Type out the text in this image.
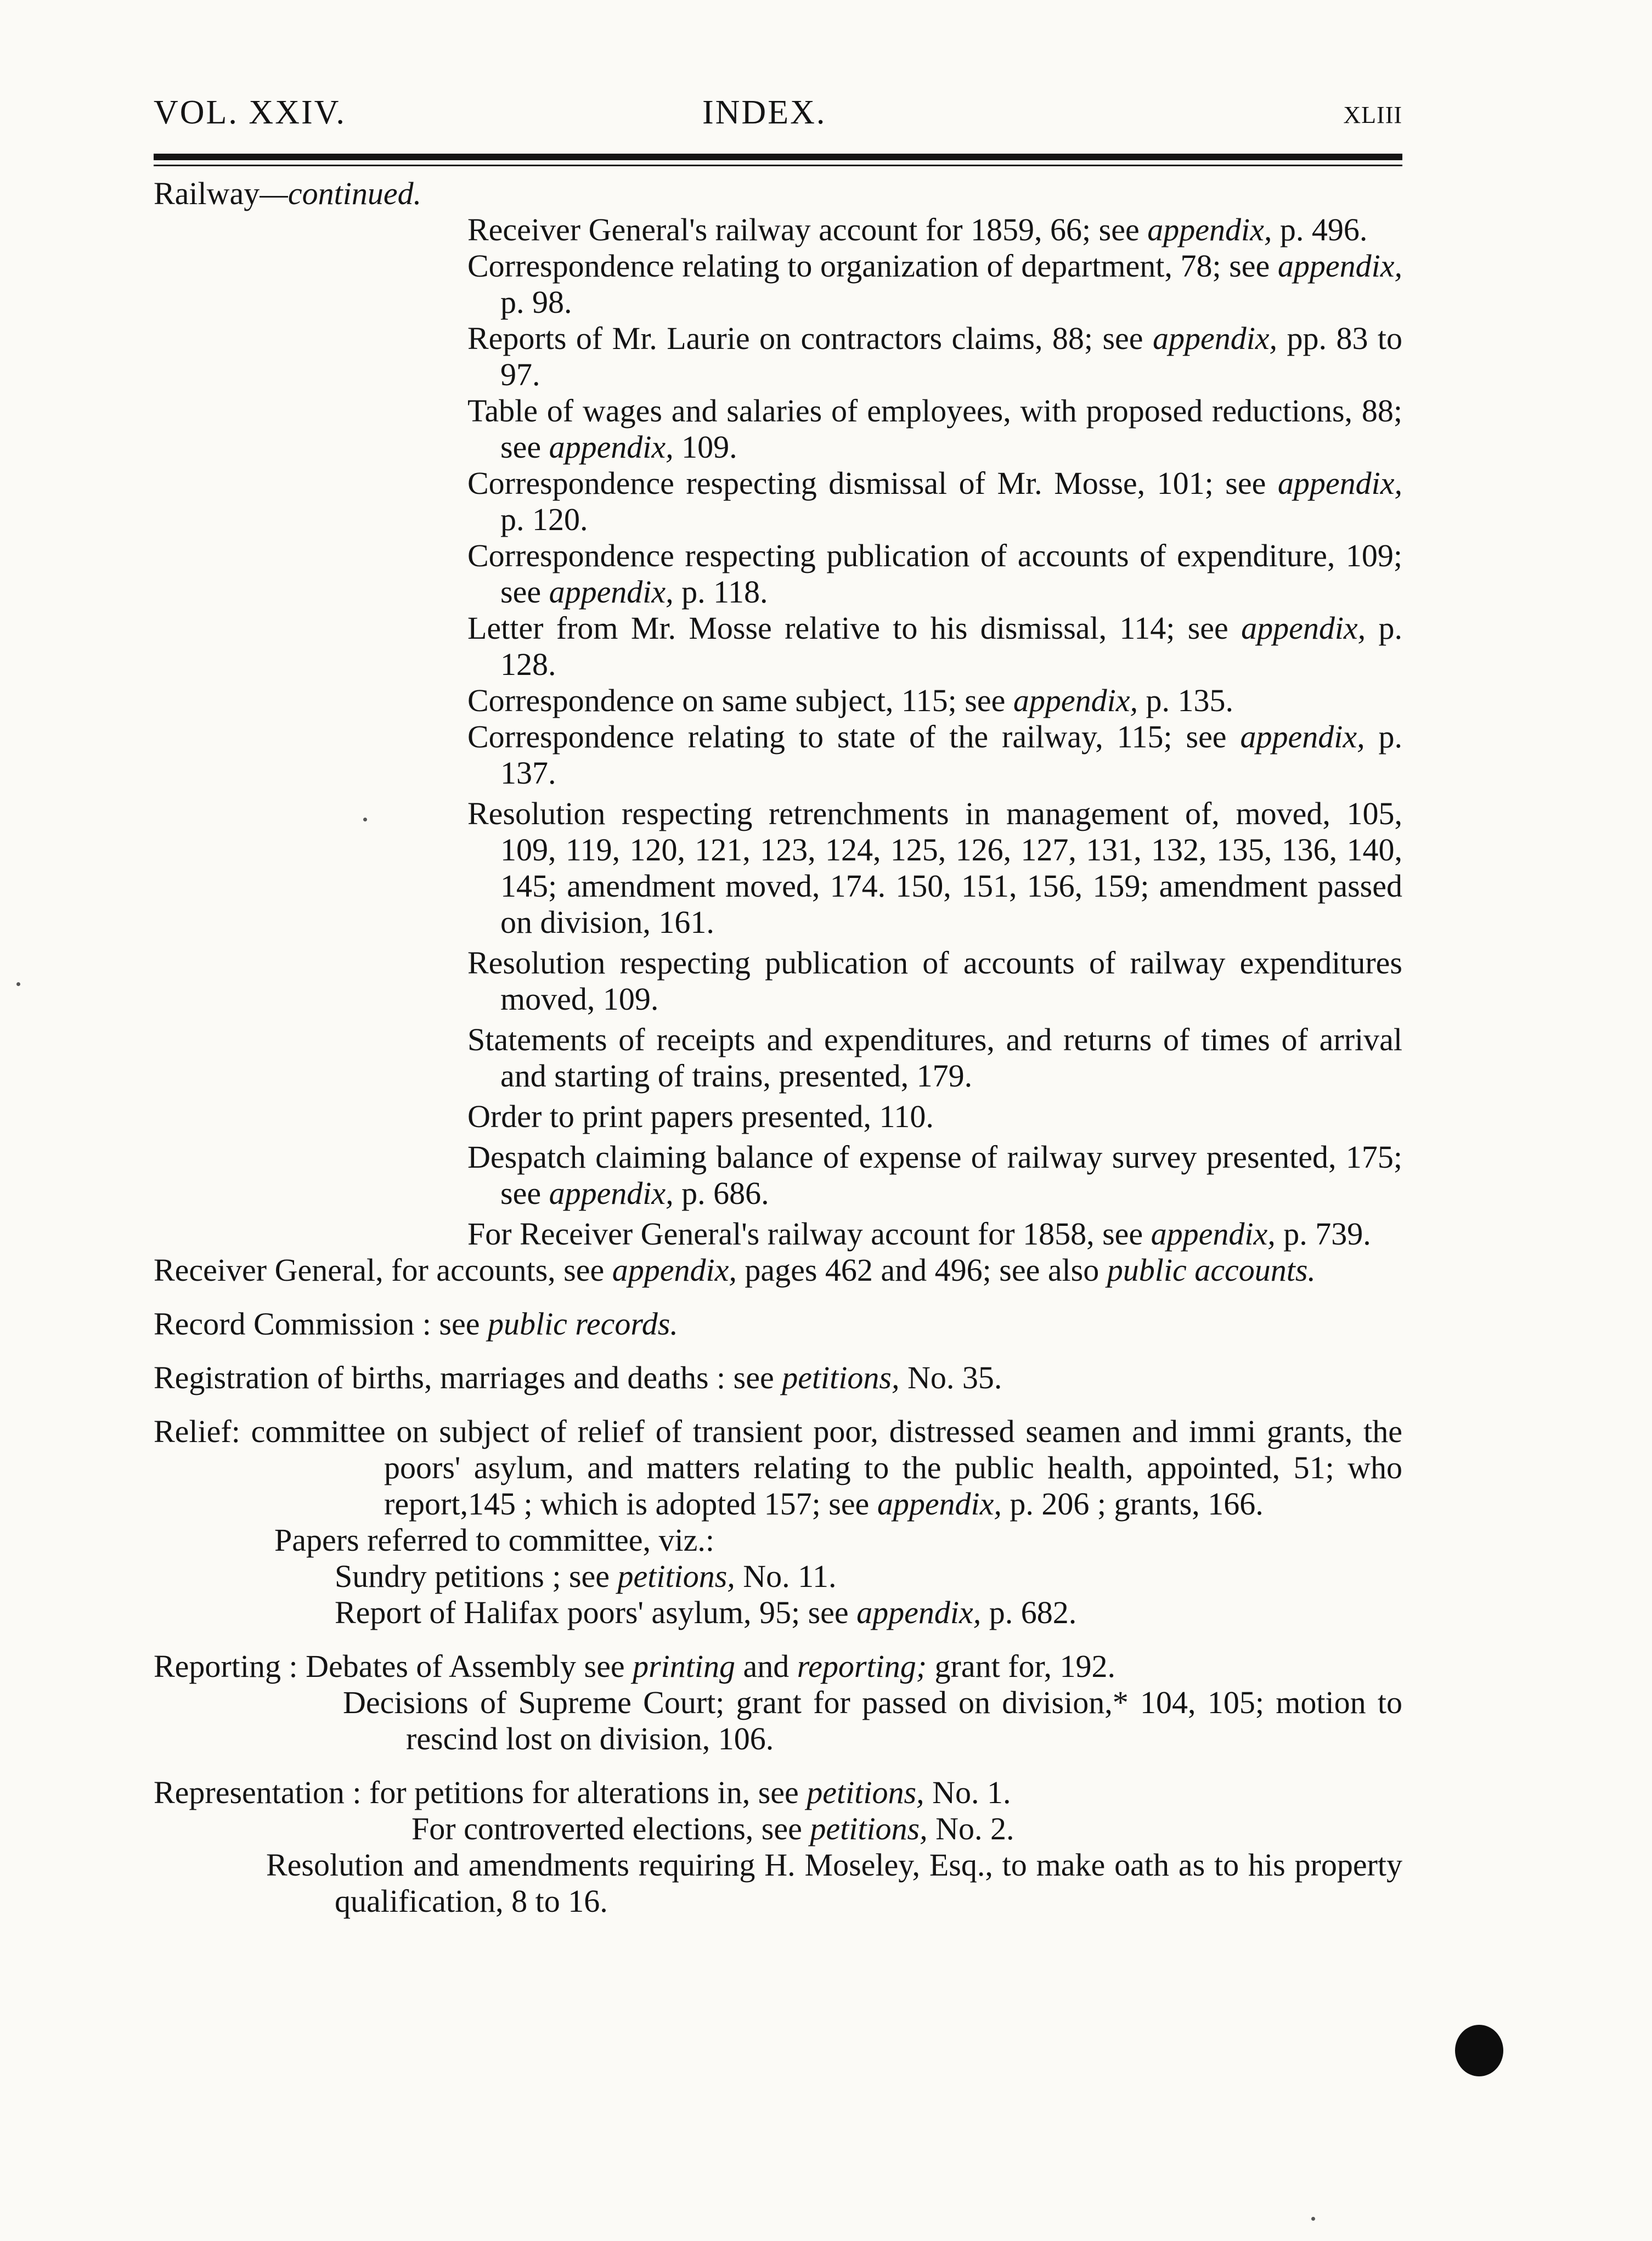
VOL. XXIV.	INDEX.	XLIII
Railway—continued.
Receiver General's railway account for 1859, 66; see appendix, p. 496.
Correspondence relating to organization of department, 78; see appendix, p. 98.
Reports of Mr. Laurie on contractors claims, 88; see appendix, pp. 83 to 97.
Table of wages and salaries of employees, with proposed reductions, 88; see appendix, 109.
Correspondence respecting dismissal of Mr. Mosse, 101; see appendix, p. 120.
Correspondence respecting publication of accounts of expenditure, 109; see appendix, p. 118.
Letter from Mr. Mosse relative to his dismissal, 114; see appendix, p. 128.
Correspondence on same subject, 115; see appendix, p. 135.
Correspondence relating to state of the railway, 115; see appendix, p. 137.
Resolution respecting retrenchments in management of, moved, 105, 109, 119, 120, 121, 123, 124, 125, 126, 127, 131, 132, 135, 136, 140, 145; amendment moved, 174. 150, 151, 156, 159; amendment passed on division, 161.
Resolution respecting publication of accounts of railway expenditures moved, 109.
Statements of receipts and expenditures, and returns of times of arrival and starting of trains, presented, 179.
Order to print papers presented, 110.
Despatch claiming balance of expense of railway survey presented, 175; see appendix, p. 686.
For Receiver General's railway account for 1858, see appendix, p. 739.
Receiver General, for accounts, see appendix, pages 462 and 496; see also public accounts.
Record Commission : see public records.
Registration of births, marriages and deaths : see petitions, No. 35.
Relief: committee on subject of relief of transient poor, distressed seamen and immi grants, the poors' asylum, and matters relating to the public health, appointed, 51; who report,145 ; which is adopted 157; see appendix, p. 206 ; grants, 166.
Papers referred to committee, viz.:
Sundry petitions ; see petitions, No. 11.
Report of Halifax poors' asylum, 95; see appendix, p. 682.
Reporting : Debates of Assembly see printing and reporting; grant for, 192.
Decisions of Supreme Court; grant for passed on division,* 104, 105; motion to rescind lost on division, 106.
Representation : for petitions for alterations in, see petitions, No. 1.
For controverted elections, see petitions, No. 2.
Resolution and amendments requiring H. Moseley, Esq., to make oath as to his property qualification, 8 to 16.
